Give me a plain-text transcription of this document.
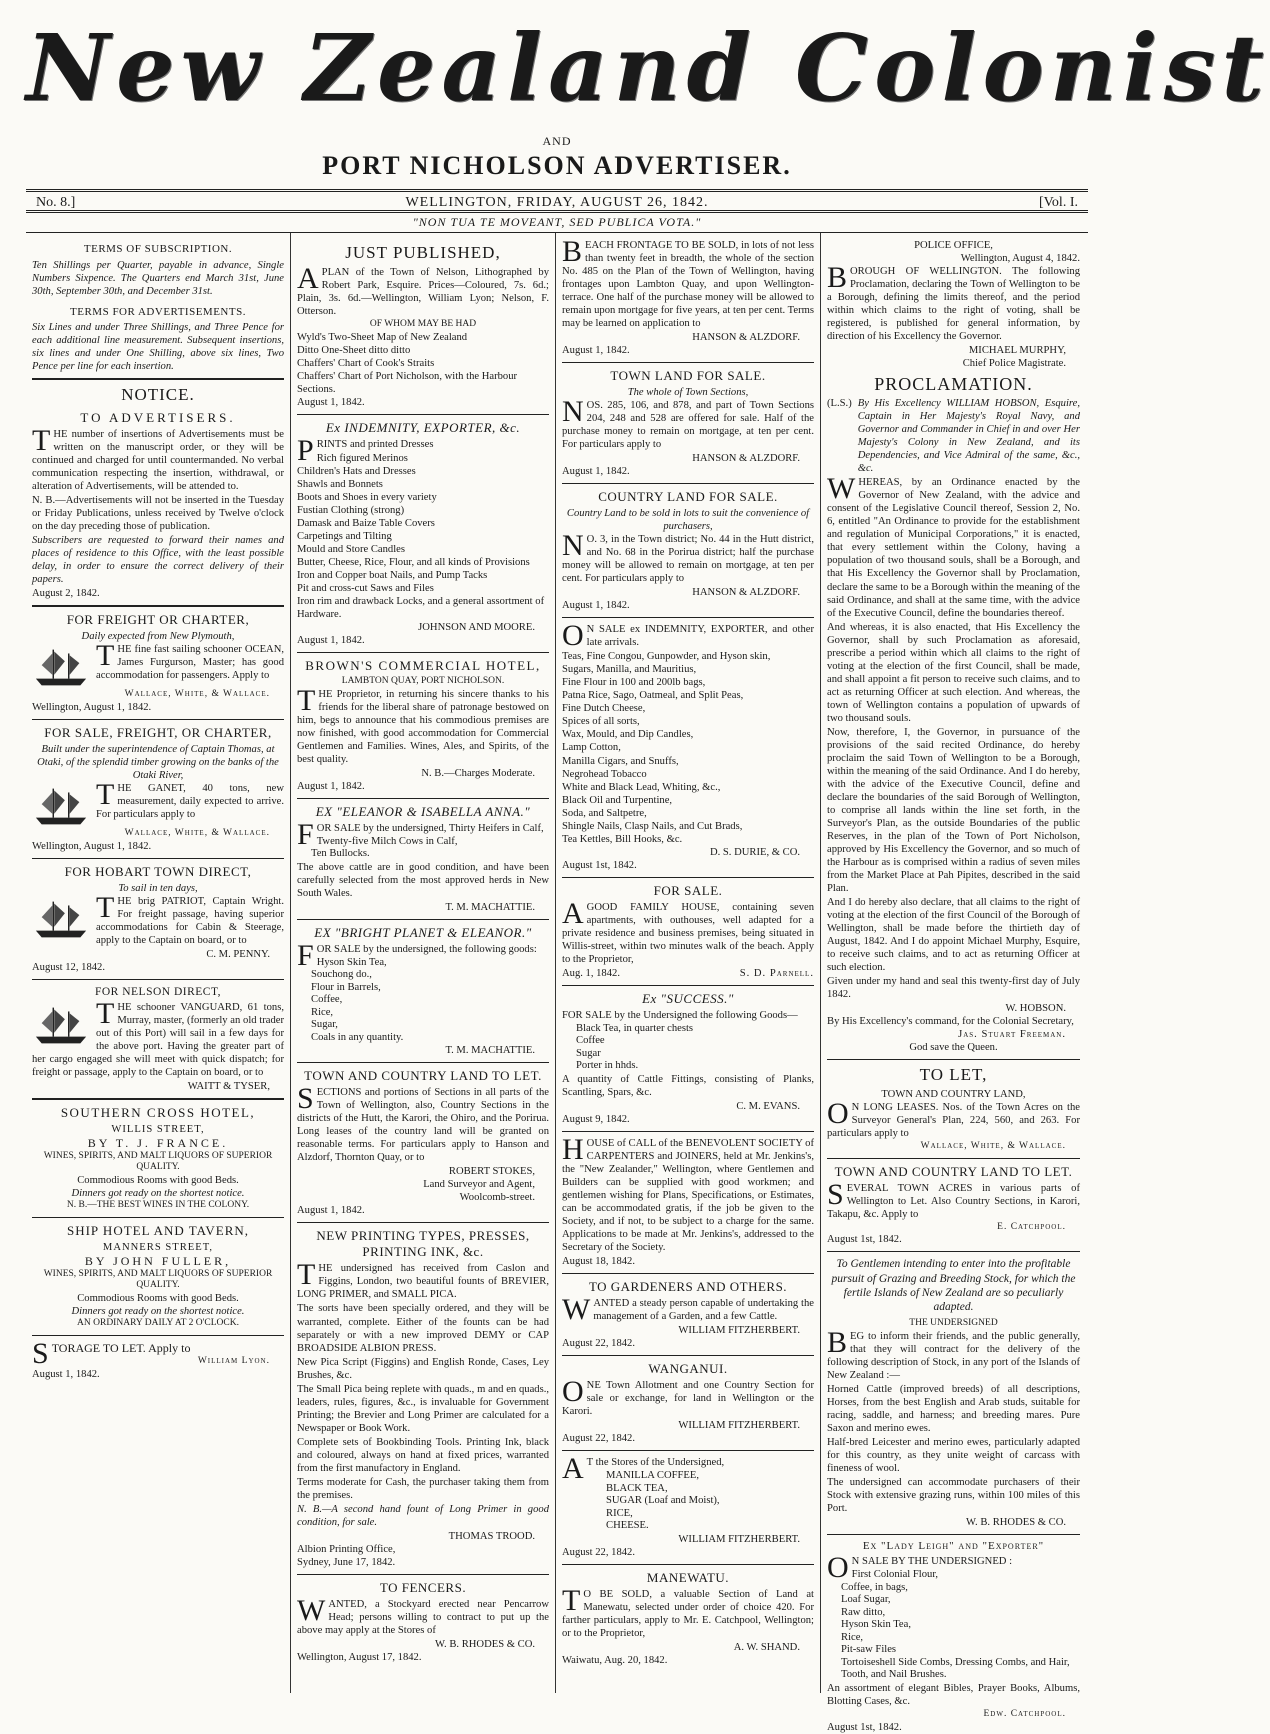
New Zealand Colonist
AND
PORT NICHOLSON ADVERTISER.
No. 8.]	WELLINGTON, FRIDAY, AUGUST 26, 1842.	[Vol. I.
"NON TUA TE MOVEANT, SED PUBLICA VOTA."
TERMS OF SUBSCRIPTION.

Ten Shillings per Quarter, payable in advance, Single Numbers Sixpence. The Quarters end March 31st, June 30th, September 30th, and December 31st.

TERMS FOR ADVERTISEMENTS.

Six Lines and under Three Shillings, and Three Pence for each additional line measurement. Subsequent insertions, six lines and under One Shilling, above six lines, Two Pence per line for each insertion.

NOTICE.
TO ADVERTISERS.

THE number of insertions of Advertisements must be written on the manuscript order, or they will be continued and charged for until countermanded. No verbal communication respecting the insertion, withdrawal, or alteration of Advertisements, will be attended to.

N. B.—Advertisements will not be inserted in the Tuesday or Friday Publications, unless received by Twelve o'clock on the day preceding those of publication.

Subscribers are requested to forward their names and places of residence to this Office, with the least possible delay, in order to ensure the correct delivery of their papers.

August 2, 1842.
FOR FREIGHT OR CHARTER,
Daily expected from New Plymouth,

THE fine fast sailing schooner OCEAN, James Furgurson, Master; has good accommodation for passengers. Apply to

Wallace, White, & Wallace.
Wellington, August 1, 1842.
FOR SALE, FREIGHT, OR CHARTER,
Built under the superintendence of Captain Thomas, at Otaki, of the splendid timber growing on the banks of the Otaki River,

THE GANET, 40 tons, new measurement, daily expected to arrive. For particulars apply to

Wallace, White, & Wallace.
Wellington, August 1, 1842.
FOR HOBART TOWN DIRECT,
To sail in ten days,

THE brig PATRIOT, Captain Wright. For freight passage, having superior accommodations for Cabin & Steerage, apply to the Captain on board, or to

C. M. PENNY.
August 12, 1842.
FOR NELSON DIRECT,

THE schooner VANGUARD, 61 tons, Murray, master, (formerly an old trader out of this Port) will sail in a few days for the above port. Having the greater part of her cargo engaged she will meet with quick dispatch; for freight or passage, apply to the Captain on board, or to

WAITT & TYSER,
SOUTHERN CROSS HOTEL,
WILLIS STREET,
BY T. J. FRANCE.
WINES, SPIRITS, AND MALT LIQUORS OF SUPERIOR QUALITY.
Commodious Rooms with good Beds.
Dinners got ready on the shortest notice.
N. B.—THE BEST WINES IN THE COLONY.
SHIP HOTEL AND TAVERN,
MANNERS STREET,
BY JOHN FULLER,
WINES, SPIRITS, AND MALT LIQUORS OF SUPERIOR QUALITY.
Commodious Rooms with good Beds.
Dinners got ready on the shortest notice.
AN ORDINARY DAILY AT 2 O'CLOCK.

STORAGE TO LET. Apply to

William Lyon.
August 1, 1842.
JUST PUBLISHED,

APLAN of the Town of Nelson, Lithographed by Robert Park, Esquire. Prices—Coloured, 7s. 6d.; Plain, 3s. 6d.—Wellington, William Lyon; Nelson, F. Otterson.

OF WHOM MAY BE HAD
Wyld's Two-Sheet Map of New Zealand
Ditto One-Sheet ditto ditto
Chaffers' Chart of Cook's Straits
Chaffers' Chart of Port Nicholson, with the Harbour Sections.
August 1, 1842.
Ex INDEMNITY, EXPORTER, &c.

PRINTS and printed Dresses

Rich figured Merinos
Children's Hats and Dresses
Shawls and Bonnets
Boots and Shoes in every variety
Fustian Clothing (strong)
Damask and Baize Table Covers
Carpetings and Tilting
Mould and Store Candles
Butter, Cheese, Rice, Flour, and all kinds of Provisions
Iron and Copper boat Nails, and Pump Tacks
Pit and cross-cut Saws and Files
Iron rim and drawback Locks, and a general assortment of Hardware.
JOHNSON AND MOORE.
August 1, 1842.
BROWN'S COMMERCIAL HOTEL,
LAMBTON QUAY, PORT NICHOLSON.

THE Proprietor, in returning his sincere thanks to his friends for the liberal share of patronage bestowed on him, begs to announce that his commodious premises are now finished, with good accommodation for Commercial Gentlemen and Families. Wines, Ales, and Spirits, of the best quality.

N. B.—Charges Moderate.
August 1, 1842.
EX "ELEANOR & ISABELLA ANNA."

FOR SALE by the undersigned, Thirty Heifers in Calf,

Twenty-five Milch Cows in Calf,
Ten Bullocks.

The above cattle are in good condition, and have been carefully selected from the most approved herds in New South Wales.

T. M. MACHATTIE.
EX "BRIGHT PLANET & ELEANOR."

FOR SALE by the undersigned, the following goods:

Hyson Skin Tea,
Souchong do.,
Flour in Barrels,
Coffee,
Rice,
Sugar,
Coals in any quantity.
T. M. MACHATTIE.
TOWN AND COUNTRY LAND TO LET.

SECTIONS and portions of Sections in all parts of the Town of Wellington, also, Country Sections in the districts of the Hutt, the Karori, the Ohiro, and the Porirua. Long leases of the country land will be granted on reasonable terms. For particulars apply to Hanson and Alzdorf, Thornton Quay, or to

ROBERT STOKES,
Land Surveyor and Agent,
Woolcomb-street.
August 1, 1842.
NEW PRINTING TYPES, PRESSES, PRINTING INK, &c.

THE undersigned has received from Caslon and Figgins, London, two beautiful founts of BREVIER, LONG PRIMER, and SMALL PICA.

The sorts have been specially ordered, and they will be warranted, complete. Either of the founts can be had separately or with a new improved DEMY or CAP BROADSIDE ALBION PRESS.

New Pica Script (Figgins) and English Ronde, Cases, Ley Brushes, &c.

The Small Pica being replete with quads., m and en quads., leaders, rules, figures, &c., is invaluable for Government Printing; the Brevier and Long Primer are calculated for a Newspaper or Book Work.

Complete sets of Bookbinding Tools. Printing Ink, black and coloured, always on hand at fixed prices, warranted from the first manufactory in England.

Terms moderate for Cash, the purchaser taking them from the premises.

N. B.—A second hand fount of Long Primer in good condition, for sale.

THOMAS TROOD.
Albion Printing Office,
Sydney, June 17, 1842.
TO FENCERS.

WANTED, a Stockyard erected near Pencarrow Head; persons willing to contract to put up the above may apply at the Stores of

W. B. RHODES & CO.
Wellington, August 17, 1842.

BEACH FRONTAGE TO BE SOLD, in lots of not less than twenty feet in breadth, the whole of the section No. 485 on the Plan of the Town of Wellington, having frontages upon Lambton Quay, and upon Wellington-terrace. One half of the purchase money will be allowed to remain upon mortgage for five years, at ten per cent. Terms may be learned on application to

HANSON & ALZDORF.
August 1, 1842.
TOWN LAND FOR SALE.
The whole of Town Sections,

NOS. 285, 106, and 878, and part of Town Sections 204, 248 and 528 are offered for sale. Half of the purchase money to remain on mortgage, at ten per cent. For particulars apply to

HANSON & ALZDORF.
August 1, 1842.
COUNTRY LAND FOR SALE.
Country Land to be sold in lots to suit the convenience of purchasers,

NO. 3, in the Town district; No. 44 in the Hutt district, and No. 68 in the Porirua district; half the purchase money will be allowed to remain on mortgage, at ten per cent. For particulars apply to

HANSON & ALZDORF.
August 1, 1842.

ON SALE ex INDEMNITY, EXPORTER, and other late arrivals.

Teas, Fine Congou, Gunpowder, and Hyson skin,
Sugars, Manilla, and Mauritius,
Fine Flour in 100 and 200lb bags,
Patna Rice, Sago, Oatmeal, and Split Peas,
Fine Dutch Cheese,
Spices of all sorts,
Wax, Mould, and Dip Candles,
Lamp Cotton,
Manilla Cigars, and Snuffs,
Negrohead Tobacco
White and Black Lead, Whiting, &c.,
Black Oil and Turpentine,
Soda, and Saltpetre,
Shingle Nails, Clasp Nails, and Cut Brads,
Tea Kettles, Bill Hooks, &c.
D. S. DURIE, & CO.
August 1st, 1842.
FOR SALE.

AGOOD FAMILY HOUSE, containing seven apartments, with outhouses, well adapted for a private residence and business premises, being situated in Willis-street, within two minutes walk of the beach. Apply to the Proprietor,

Aug. 1, 1842.	S. D. Parnell.
Ex "SUCCESS."

FOR SALE by the Undersigned the following Goods—

Black Tea, in quarter chests
Coffee
Sugar
Porter in hhds.

A quantity of Cattle Fittings, consisting of Planks, Scantling, Spars, &c.

C. M. EVANS.
August 9, 1842.

HOUSE of CALL of the BENEVOLENT SOCIETY of CARPENTERS and JOINERS, held at Mr. Jenkins's, the "New Zealander," Wellington, where Gentlemen and Builders can be supplied with good workmen; and gentlemen wishing for Plans, Specifications, or Estimates, can be accommodated gratis, if the job be given to the Society, and if not, to be subject to a charge for the same. Applications to be made at Mr. Jenkins's, addressed to the Secretary of the Society.

August 18, 1842.
TO GARDENERS AND OTHERS.

WANTED a steady person capable of undertaking the management of a Garden, and a few Cattle.

WILLIAM FITZHERBERT.
August 22, 1842.
WANGANUI.

ONE Town Allotment and one Country Section for sale or exchange, for land in Wellington or the Karori.

WILLIAM FITZHERBERT.
August 22, 1842.

AT the Stores of the Undersigned,

MANILLA COFFEE,
BLACK TEA,
SUGAR (Loaf and Moist),
RICE,
CHEESE.
WILLIAM FITZHERBERT.
August 22, 1842.
MANEWATU.

TO BE SOLD, a valuable Section of Land at Manewatu, selected under order of choice 420. For farther particulars, apply to Mr. E. Catchpool, Wellington; or to the Proprietor,

A. W. SHAND.
Waiwatu, Aug. 20, 1842.
POLICE OFFICE,
Wellington, August 4, 1842.

BOROUGH OF WELLINGTON. The following Proclamation, declaring the Town of Wellington to be a Borough, defining the limits thereof, and the period within which claims to the right of voting, shall be registered, is published for general information, by direction of his Excellency the Governor.

MICHAEL MURPHY,
Chief Police Magistrate.
PROCLAMATION.
(L.S.) By His Excellency WILLIAM HOBSON, Esquire, Captain in Her Majesty's Royal Navy, and Governor and Commander in Chief in and over Her Majesty's Colony in New Zealand, and its Dependencies, and Vice Admiral of the same, &c., &c.

WHEREAS, by an Ordinance enacted by the Governor of New Zealand, with the advice and consent of the Legislative Council thereof, Session 2, No. 6, entitled "An Ordinance to provide for the establishment and regulation of Municipal Corporations," it is enacted, that every settlement within the Colony, having a population of two thousand souls, shall be a Borough, and that His Excellency the Governor shall by Proclamation, declare the same to be a Borough within the meaning of the said Ordinance, and shall at the same time, with the advice of the Executive Council, define the boundaries thereof.

And whereas, it is also enacted, that His Excellency the Governor, shall by such Proclamation as aforesaid, prescribe a period within which all claims to the right of voting at the election of the first Council, shall be made, and shall appoint a fit person to receive such claims, and to act as returning Officer at such election. And whereas, the town of Wellington contains a population of upwards of two thousand souls.

Now, therefore, I, the Governor, in pursuance of the provisions of the said recited Ordinance, do hereby proclaim the said Town of Wellington to be a Borough, within the meaning of the said Ordinance. And I do hereby, with the advice of the Executive Council, define and declare the boundaries of the said Borough of Wellington, to comprise all lands within the line set forth, in the Surveyor's Plan, as the outside Boundaries of the public Reserves, in the plan of the Town of Port Nicholson, approved by His Excellency the Governor, and so much of the Harbour as is comprised within a radius of seven miles from the Market Place at Pah Pipites, described in the said Plan.

And I do hereby also declare, that all claims to the right of voting at the election of the first Council of the Borough of Wellington, shall be made before the thirtieth day of August, 1842. And I do appoint Michael Murphy, Esquire, to receive such claims, and to act as returning Officer at such election.

Given under my hand and seal this twenty-first day of July 1842.

W. HOBSON.
By His Excellency's command, for the Colonial Secretary,
Jas. Stuart Freeman.
God save the Queen.
TO LET,
TOWN AND COUNTRY LAND,

ON LONG LEASES. Nos. of the Town Acres on the Surveyor General's Plan, 224, 560, and 263. For particulars apply to

Wallace, White, & Wallace.
TOWN AND COUNTRY LAND TO LET.

SEVERAL TOWN ACRES in various parts of Wellington to Let. Also Country Sections, in Karori, Takapu, &c. Apply to

E. Catchpool.
August 1st, 1842.

To Gentlemen intending to enter into the profitable pursuit of Grazing and Breeding Stock, for which the fertile Islands of New Zealand are so peculiarly adapted.

THE UNDERSIGNED

BEG to inform their friends, and the public generally, that they will contract for the delivery of the following description of Stock, in any port of the Islands of New Zealand :—

Horned Cattle (improved breeds) of all descriptions, Horses, from the best English and Arab studs, suitable for racing, saddle, and harness; and breeding mares. Pure Saxon and merino ewes.

Half-bred Leicester and merino ewes, particularly adapted for this country, as they unite weight of carcass with fineness of wool.

The undersigned can accommodate purchasers of their Stock with extensive grazing runs, within 100 miles of this Port.

W. B. RHODES & CO.
Ex "Lady Leigh" and "Exporter"

ON SALE BY THE UNDERSIGNED :

First Colonial Flour,
Coffee, in bags,
Loaf Sugar,
Raw ditto,
Hyson Skin Tea,
Rice,
Pit-saw Files
Tortoiseshell Side Combs, Dressing Combs, and Hair, Tooth, and Nail Brushes.

An assortment of elegant Bibles, Prayer Books, Albums, Blotting Cases, &c.

Edw. Catchpool.
August 1st, 1842.
